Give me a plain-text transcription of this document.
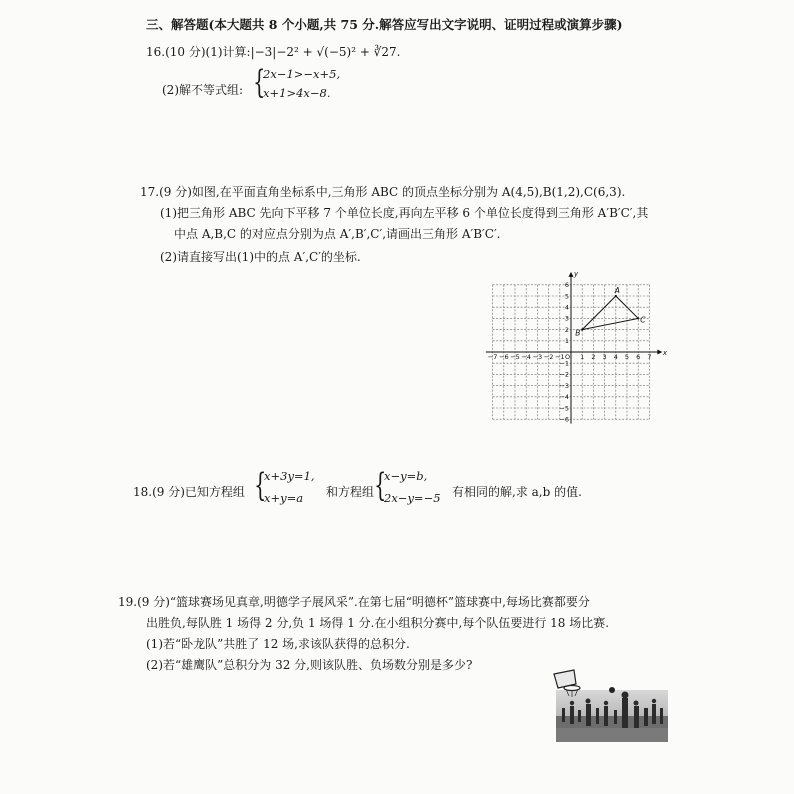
三、解答题(本大题共 8 个小题,共 75 分.解答应写出文字说明、证明过程或演算步骤)
16.(10 分)(1)计算:|−3|−2² + √(−5)² + ∛27.
(2)解不等式组: {
2x−1>−x+5,
x+1>4x−8.
17.(9 分)如图,在平面直角坐标系中,三角形 ABC 的顶点坐标分别为 A(4,5),B(1,2),C(6,3).
(1)把三角形 ABC 先向下平移 7 个单位长度,再向左平移 6 个单位长度得到三角形 A′B′C′,其
中点 A,B,C 的对应点分别为点 A′,B′,C′,请画出三角形 A′B′C′.
(2)请直接写出(1)中的点 A′,C′的坐标.
x
y
O
−7 −6 −5 −4 −3 −2 −1 1 2 3 4 5 6 7
6
5
4
3
2
1
−1
−2
−3
−4
−5
−6
A
B
C
18.(9 分)已知方程组 {
x+3y=1,
x+y=a 和方程组 {
x−y=b,
2x−y=−5 有相同的解,求 a,b 的值.
19.(9 分)“篮球赛场见真章,明德学子展风采”.在第七届“明德杯”篮球赛中,每场比赛都要分
出胜负,每队胜 1 场得 2 分,负 1 场得 1 分.在小组积分赛中,每个队伍要进行 18 场比赛.
(1)若“卧龙队”共胜了 12 场,求该队获得的总积分.
(2)若“雄鹰队”总积分为 32 分,则该队胜、负场数分别是多少?
